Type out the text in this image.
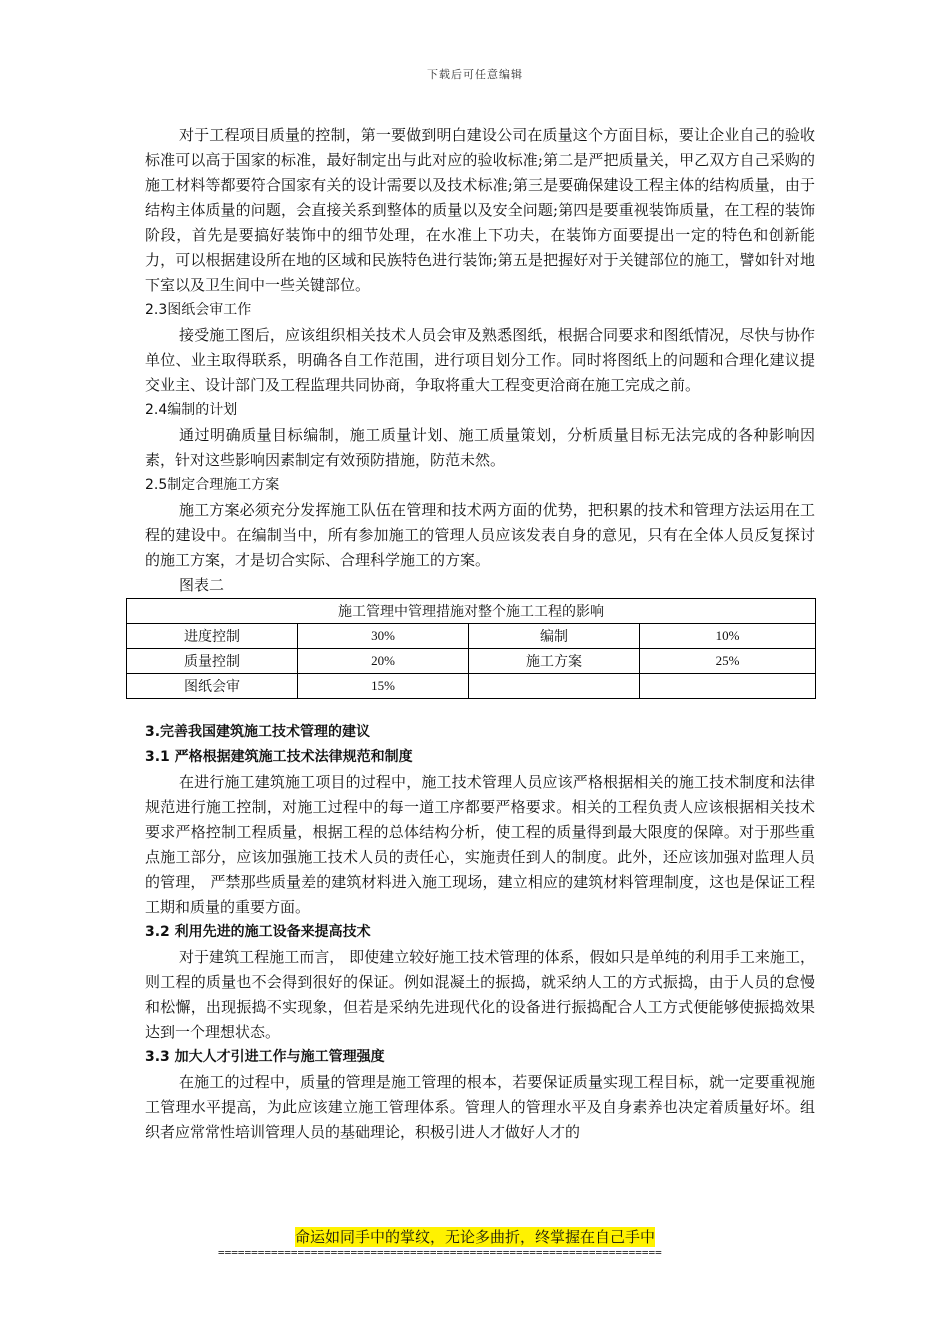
下载后可任意编辑

对于工程项目质量的控制，第一要做到明白建设公司在质量这个方面目标，要让企业自己的验收标准可以高于国家的标准，最好制定出与此对应的验收标准;第二是严把质量关，甲乙双方自己采购的施工材料等都要符合国家有关的设计需要以及技术标准;第三是要确保建设工程主体的结构质量，由于结构主体质量的问题，会直接关系到整体的质量以及安全问题;第四是要重视装饰质量，在工程的装饰阶段，首先是要搞好装饰中的细节处理，在水准上下功夫，在装饰方面要提出一定的特色和创新能力，可以根据建设所在地的区域和民族特色进行装饰;第五是把握好对于关键部位的施工，譬如针对地下室以及卫生间中一些关键部位。

2.3图纸会审工作

接受施工图后，应该组织相关技术人员会审及熟悉图纸，根据合同要求和图纸情况，尽快与协作单位、业主取得联系，明确各自工作范围，进行项目划分工作。同时将图纸上的问题和合理化建议提交业主、设计部门及工程监理共同协商，争取将重大工程变更洽商在施工完成之前。

2.4编制的计划

通过明确质量目标编制，施工质量计划、施工质量策划，分析质量目标无法完成的各种影响因素，针对这些影响因素制定有效预防措施，防范未然。

2.5制定合理施工方案

施工方案必须充分发挥施工队伍在管理和技术两方面的优势，把积累的技术和管理方法运用在工程的建设中。在编制当中，所有参加施工的管理人员应该发表自身的意见，只有在全体人员反复探讨的施工方案，才是切合实际、合理科学施工的方案。

图表二

施工管理中管理措施对整个施工工程的影响			
进度控制	30%	编制	10%
质量控制	20%	施工方案	25%
图纸会审	15%		

3.完善我国建筑施工技术管理的建议

3.1 严格根据建筑施工技术法律规范和制度

在进行施工建筑施工项目的过程中，施工技术管理人员应该严格根据相关的施工技术制度和法律规范进行施工控制，对施工过程中的每一道工序都要严格要求。相关的工程负责人应该根据相关技术要求严格控制工程质量，根据工程的总体结构分析，使工程的质量得到最大限度的保障。对于那些重点施工部分，应该加强施工技术人员的责任心，实施责任到人的制度。此外，还应该加强对监理人员的管理， 严禁那些质量差的建筑材料进入施工现场，建立相应的建筑材料管理制度，这也是保证工程工期和质量的重要方面。

3.2 利用先进的施工设备来提高技术

对于建筑工程施工而言， 即使建立较好施工技术管理的体系，假如只是单纯的利用手工来施工，则工程的质量也不会得到很好的保证。例如混凝土的振捣，就采纳人工的方式振捣，由于人员的怠慢和松懈，出现振捣不实现象，但若是采纳先进现代化的设备进行振捣配合人工方式便能够使振捣效果达到一个理想状态。

3.3 加大人才引进工作与施工管理强度

在施工的过程中，质量的管理是施工管理的根本，若要保证质量实现工程目标，就一定要重视施工管理水平提高，为此应该建立施工管理体系。管理人的管理水平及自身素养也决定着质量好坏。组织者应常常性培训管理人员的基础理论，积极引进人才做好人才的

命运如同手中的掌纹，无论多曲折，终掌握在自己手中
===================================================================
